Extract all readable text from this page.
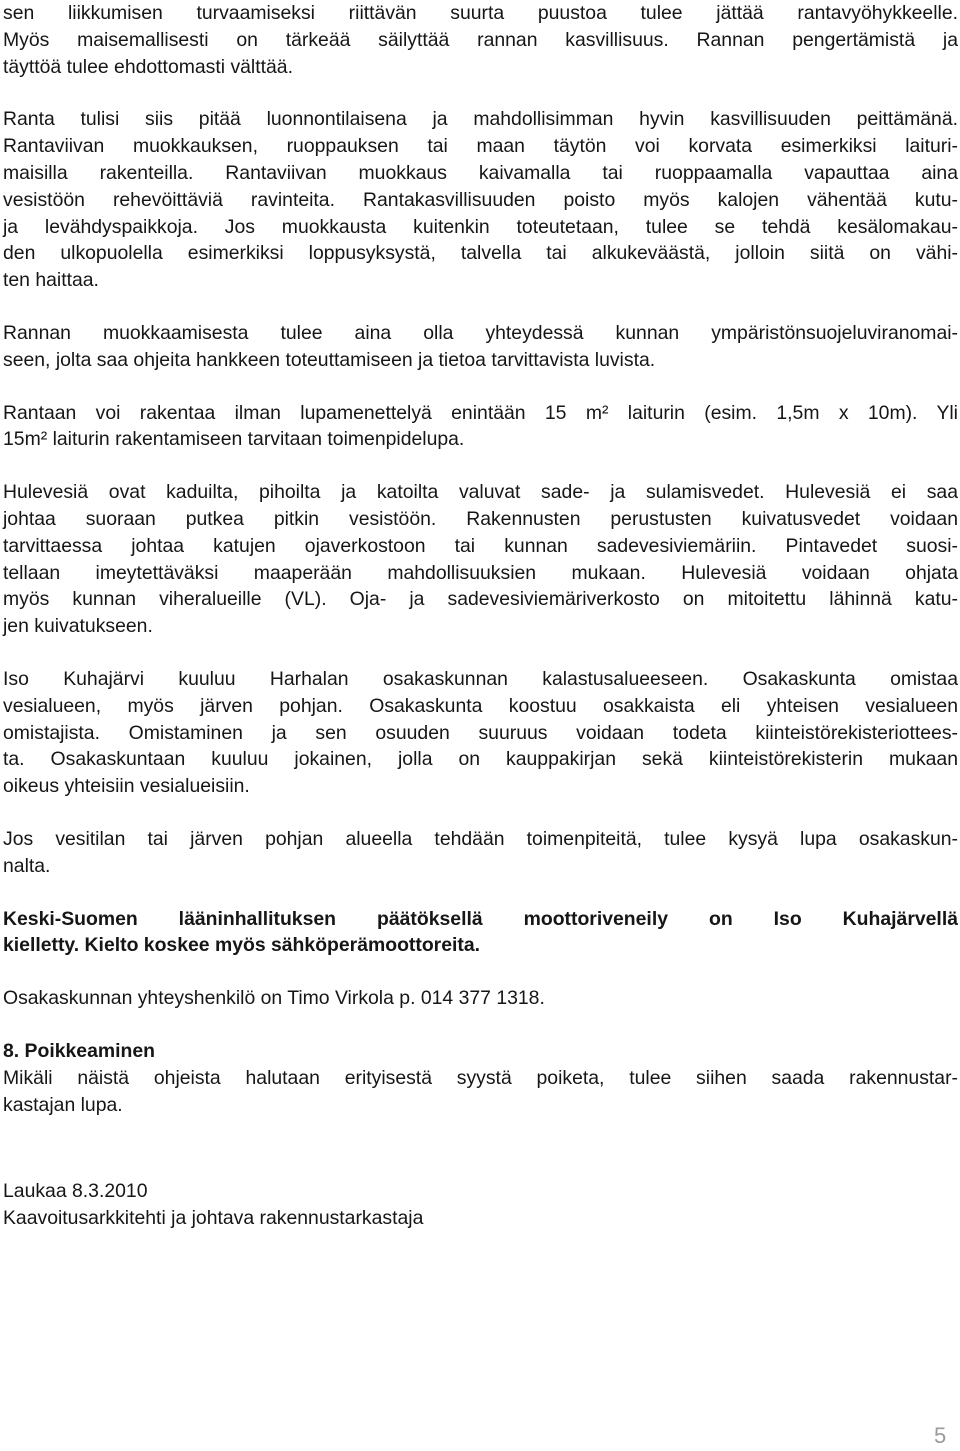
sen liikkumisen turvaamiseksi riittävän suurta puustoa tulee jättää rantavyöhykkeelle.
Myös maisemallisesti on tärkeää säilyttää rannan kasvillisuus. Rannan pengertämistä ja
täyttöä tulee ehdottomasti välttää.

Ranta tulisi siis pitää luonnontilaisena ja mahdollisimman hyvin kasvillisuuden peittämänä.
Rantaviivan muokkauksen, ruoppauksen tai maan täytön voi korvata esimerkiksi laituri-
maisilla rakenteilla. Rantaviivan muokkaus kaivamalla tai ruoppaamalla vapauttaa aina
vesistöön rehevöittäviä ravinteita. Rantakasvillisuuden poisto myös kalojen vähentää kutu-
ja levähdyspaikkoja. Jos muokkausta kuitenkin toteutetaan, tulee se tehdä kesälomakau-
den ulkopuolella esimerkiksi loppusyksystä, talvella tai alkukeväästä, jolloin siitä on vähi-
ten haittaa.

Rannan muokkaamisesta tulee aina olla yhteydessä kunnan ympäristönsuojeluviranomai-
seen, jolta saa ohjeita hankkeen toteuttamiseen ja tietoa tarvittavista luvista.

Rantaan voi rakentaa ilman lupamenettelyä enintään 15 m² laiturin (esim. 1,5m x 10m). Yli
15m² laiturin rakentamiseen tarvitaan toimenpidelupa.

Hulevesiä ovat kaduilta, pihoilta ja katoilta valuvat sade- ja sulamisvedet. Hulevesiä ei saa
johtaa suoraan putkea pitkin vesistöön. Rakennusten perustusten kuivatusvedet voidaan
tarvittaessa johtaa katujen ojaverkostoon tai kunnan sadevesiviemäriin. Pintavedet suosi-
tellaan imeytettäväksi maaperään mahdollisuuksien mukaan. Hulevesiä voidaan ohjata
myös kunnan viheralueille (VL). Oja- ja sadevesiviemäriverkosto on mitoitettu lähinnä katu-
jen kuivatukseen.

Iso Kuhajärvi kuuluu Harhalan osakaskunnan kalastusalueeseen. Osakaskunta omistaa
vesialueen, myös järven pohjan. Osakaskunta koostuu osakkaista eli yhteisen vesialueen
omistajista. Omistaminen ja sen osuuden suuruus voidaan todeta kiinteistörekisteriottees-
ta. Osakaskuntaan kuuluu jokainen, jolla on kauppakirjan sekä kiinteistörekisterin mukaan
oikeus yhteisiin vesialueisiin.

Jos vesitilan tai järven pohjan alueella tehdään toimenpiteitä, tulee kysyä lupa osakaskun-
nalta.

Keski-Suomen lääninhallituksen päätöksellä moottoriveneily on Iso Kuhajärvellä
kielletty. Kielto koskee myös sähköperämoottoreita.

Osakaskunnan yhteyshenkilö on Timo Virkola p. 014 377 1318.

8. Poikkeaminen

Mikäli näistä ohjeista halutaan erityisestä syystä poiketa, tulee siihen saada rakennustar-
kastajan lupa.

Laukaa 8.3.2010
Kaavoitusarkkitehti ja johtava rakennustarkastaja

5
